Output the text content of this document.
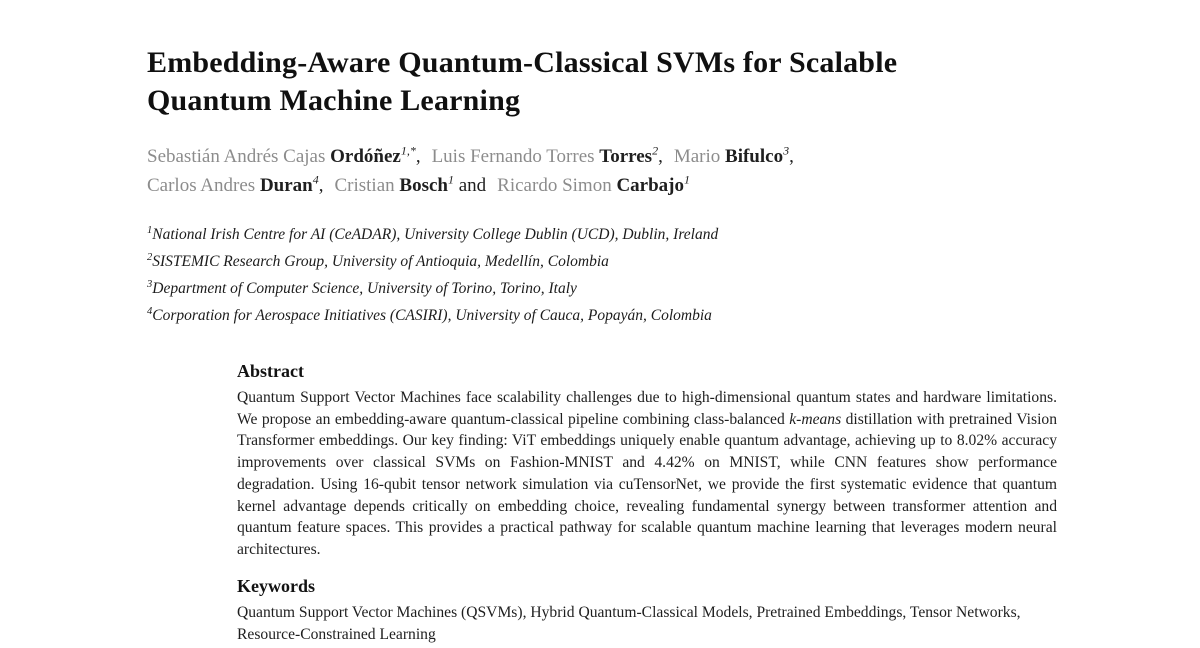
Embedding-Aware Quantum-Classical SVMs for Scalable
Quantum Machine Learning
Sebastián Andrés Cajas Ordóñez$^{1,*}$, Luis Fernando Torres Torres$^2$, Mario Bifulco$^3$,
Carlos Andres Duran$^4$, Cristian Bosch$^1$ and Ricardo Simon Carbajo$^1$
$^1$National Irish Centre for AI (CeADAR), University College Dublin (UCD), Dublin, Ireland
$^2$SISTEMIC Research Group, University of Antioquia, Medellín, Colombia
$^3$Department of Computer Science, University of Torino, Torino, Italy
$^4$Corporation for Aerospace Initiatives (CASIRI), University of Cauca, Popayán, Colombia
Abstract
Quantum Support Vector Machines face scalability challenges due to high-dimensional quantum states and hardware limitations. We propose an embedding-aware quantum-classical pipeline combining class-balanced k-means distillation with pretrained Vision Transformer embeddings. Our key finding: ViT embeddings uniquely enable quantum advantage, achieving up to 8.02% accuracy improvements over classical SVMs on Fashion-MNIST and 4.42% on MNIST, while CNN features show performance degradation. Using 16-qubit tensor network simulation via cuTensorNet, we provide the first systematic evidence that quantum kernel advantage depends critically on embedding choice, revealing fundamental synergy between transformer attention and quantum feature spaces. This provides a practical pathway for scalable quantum machine learning that leverages modern neural architectures.
Keywords
Quantum Support Vector Machines (QSVMs), Hybrid Quantum-Classical Models, Pretrained Embeddings, Tensor Networks, Resource-Constrained Learning
